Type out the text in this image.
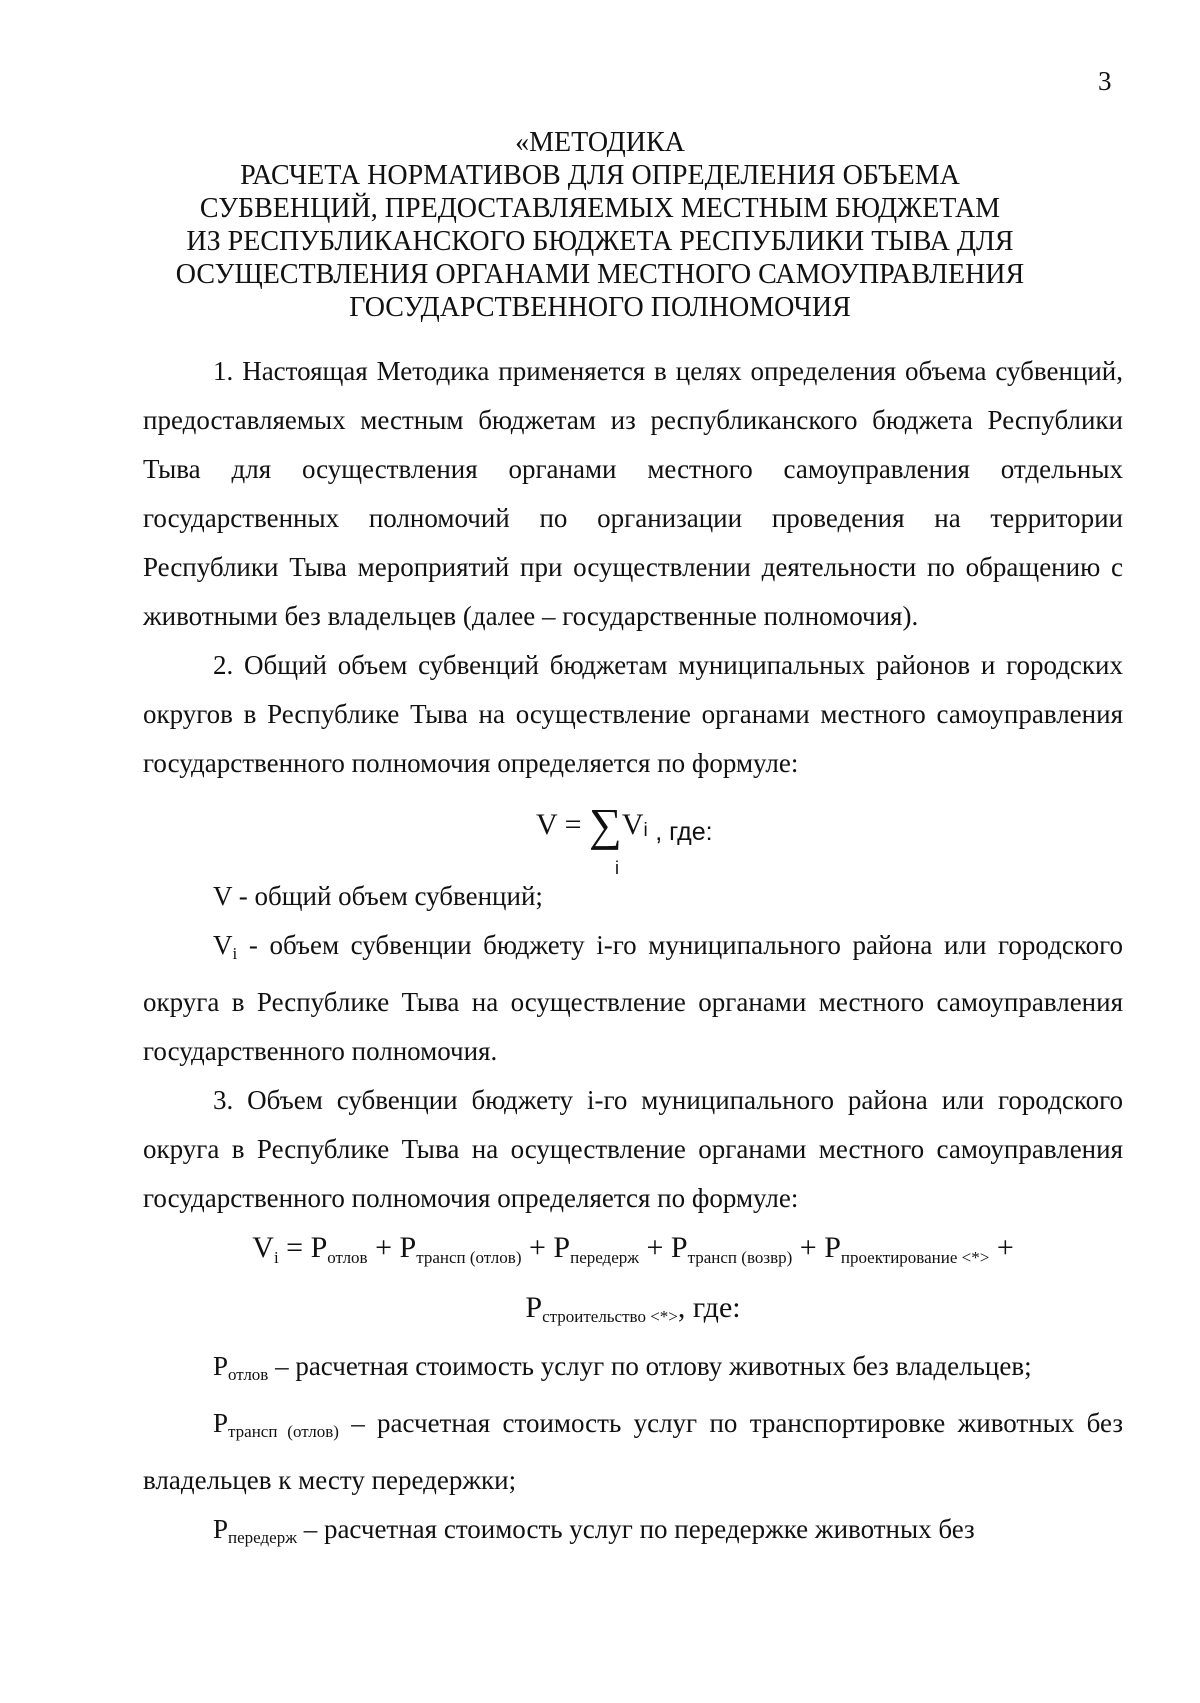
3
«МЕТОДИКА
РАСЧЕТА НОРМАТИВОВ ДЛЯ ОПРЕДЕЛЕНИЯ ОБЪЕМА
СУБВЕНЦИЙ, ПРЕДОСТАВЛЯЕМЫХ МЕСТНЫМ БЮДЖЕТАМ
ИЗ РЕСПУБЛИКАНСКОГО БЮДЖЕТА РЕСПУБЛИКИ ТЫВА ДЛЯ
ОСУЩЕСТВЛЕНИЯ ОРГАНАМИ МЕСТНОГО САМОУПРАВЛЕНИЯ
ГОСУДАРСТВЕННОГО ПОЛНОМОЧИЯ

1. Настоящая Методика применяется в целях определения объема субвенций, предоставляемых местным бюджетам из республиканского бюджета Республики Тыва для осуществления органами местного самоуправления отдельных государственных полномочий по организации проведения на территории Республики Тыва мероприятий при осуществлении деятельности по обращению с животными без владельцев (далее – государственные полномочия).

2. Общий объем субвенций бюджетам муниципальных районов и городских округов в Республике Тыва на осуществление органами местного самоуправления государственного полномочия определяется по формуле:

V = ∑Vi $_{, где:}$
i

V - общий объем субвенций;

$V_i$ - объем субвенции бюджету i-го муниципального района или городского округа в Республике Тыва на осуществление органами местного самоуправления государственного полномочия.

3. Объем субвенции бюджету i-го муниципального района или городского округа в Республике Тыва на осуществление органами местного самоуправления государственного полномочия определяется по формуле:

$V_i = P_{отлов} + P_{трансп (отлов)} + P_{передерж} + P_{трансп (возвр)} + P_{проектирование <*>}$ +
$P_{строительство <*>}$, где:

$P_{отлов}$ – расчетная стоимость услуг по отлову животных без владельцев;

$P_{трансп (отлов)}$ – расчетная стоимость услуг по транспортировке животных без владельцев к месту передержки;

$P_{передерж}$ – расчетная стоимость услуг по передержке животных без
